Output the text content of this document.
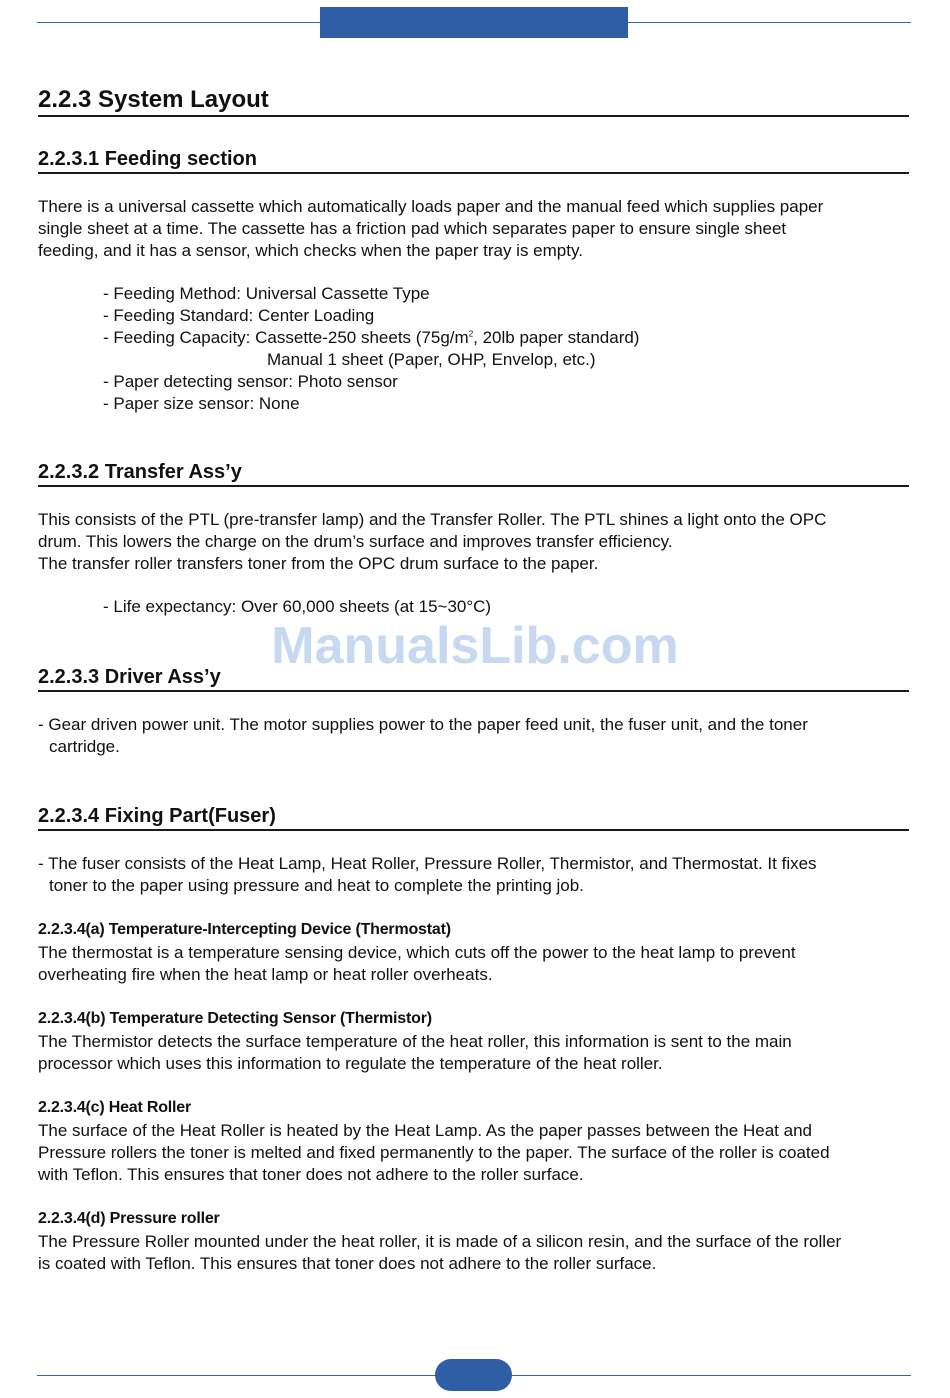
2.2.3 System Layout
2.2.3.1 Feeding section
There is a universal cassette which automatically loads paper and the manual feed which supplies paper
single sheet at a time. The cassette has a friction pad which separates paper to ensure single sheet
feeding, and it has a sensor, which checks when the paper tray is empty.
- Feeding Method: Universal Cassette Type
- Feeding Standard: Center Loading
- Feeding Capacity: Cassette-250 sheets ($75g/m^2$, 20lb paper standard)
Manual 1 sheet (Paper, OHP, Envelop, etc.)
- Paper detecting sensor: Photo sensor
- Paper size sensor: None
2.2.3.2 Transfer Ass’y
This consists of the PTL (pre-transfer lamp) and the Transfer Roller. The PTL shines a light onto the OPC
drum. This lowers the charge on the drum’s surface and improves transfer efficiency.
The transfer roller transfers toner from the OPC drum surface to the paper.
- Life expectancy: Over 60,000 sheets (at 15~30°C)
ManualsLib.com
2.2.3.3 Driver Ass’y
- Gear driven power unit. The motor supplies power to the paper feed unit, the fuser unit, and the toner
cartridge.
2.2.3.4 Fixing Part(Fuser)
- The fuser consists of the Heat Lamp, Heat Roller, Pressure Roller, Thermistor, and Thermostat. It fixes
toner to the paper using pressure and heat to complete the printing job.
2.2.3.4(a) Temperature-Intercepting Device (Thermostat)
The thermostat is a temperature sensing device, which cuts off the power to the heat lamp to prevent
overheating fire when the heat lamp or heat roller overheats.
2.2.3.4(b) Temperature Detecting Sensor (Thermistor)
The Thermistor detects the surface temperature of the heat roller, this information is sent to the main
processor which uses this information to regulate the temperature of the heat roller.
2.2.3.4(c) Heat Roller
The surface of the Heat Roller is heated by the Heat Lamp. As the paper passes between the Heat and
Pressure rollers the toner is melted and fixed permanently to the paper. The surface of the roller is coated
with Teflon. This ensures that toner does not adhere to the roller surface.
2.2.3.4(d) Pressure roller
The Pressure Roller mounted under the heat roller, it is made of a silicon resin, and the surface of the roller
is coated with Teflon. This ensures that toner does not adhere to the roller surface.
